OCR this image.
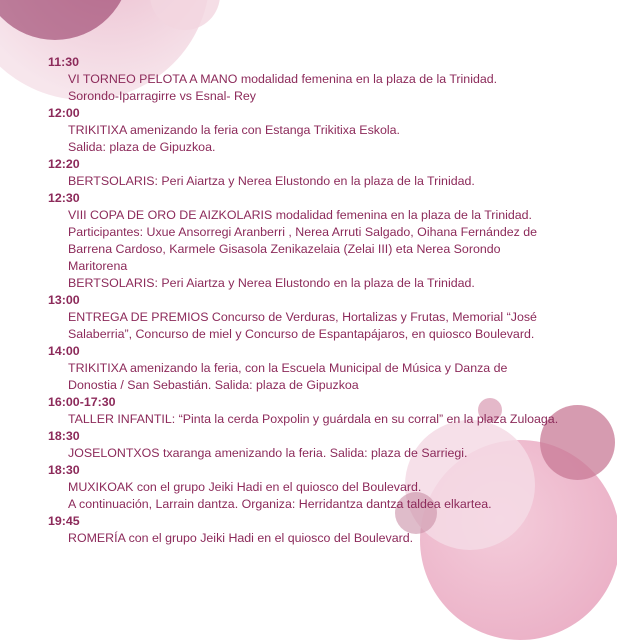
11:30
VI TORNEO PELOTA A MANO modalidad femenina en la plaza de la Trinidad.
Sorondo-Iparragirre vs Esnal- Rey
12:00
TRIKITIXA amenizando la feria con Estanga Trikitixa Eskola.
Salida: plaza de Gipuzkoa.
12:20
BERTSOLARIS: Peri Aiartza y Nerea Elustondo en la plaza de la Trinidad.
12:30
VIII COPA DE ORO DE AIZKOLARIS modalidad femenina en la plaza de la Trinidad.
Participantes: Uxue Ansorregi Aranberri , Nerea Arruti Salgado, Oihana Fernández de
Barrena Cardoso, Karmele Gisasola Zenikazelaia (Zelai III) eta Nerea Sorondo
Maritorena
BERTSOLARIS: Peri Aiartza y Nerea Elustondo en la plaza de la Trinidad.
13:00
ENTREGA DE PREMIOS Concurso de Verduras, Hortalizas y Frutas, Memorial “José
Salaberria”, Concurso de miel y Concurso de Espantapájaros, en quiosco Boulevard.
14:00
TRIKITIXA amenizando la feria, con la Escuela Municipal de Música y Danza de
Donostia / San Sebastián. Salida: plaza de Gipuzkoa
16:00-17:30
TALLER INFANTIL: “Pinta la cerda Poxpolin y guárdala en su corral” en la plaza Zuloaga.
18:30
JOSELONTXOS txaranga amenizando la feria. Salida: plaza de Sarriegi.
18:30
MUXIKOAK con el grupo Jeiki Hadi en el quiosco del Boulevard.
A continuación, Larrain dantza. Organiza: Herridantza dantza taldea elkartea.
19:45
ROMERÍA con el grupo Jeiki Hadi en el quiosco del Boulevard.
